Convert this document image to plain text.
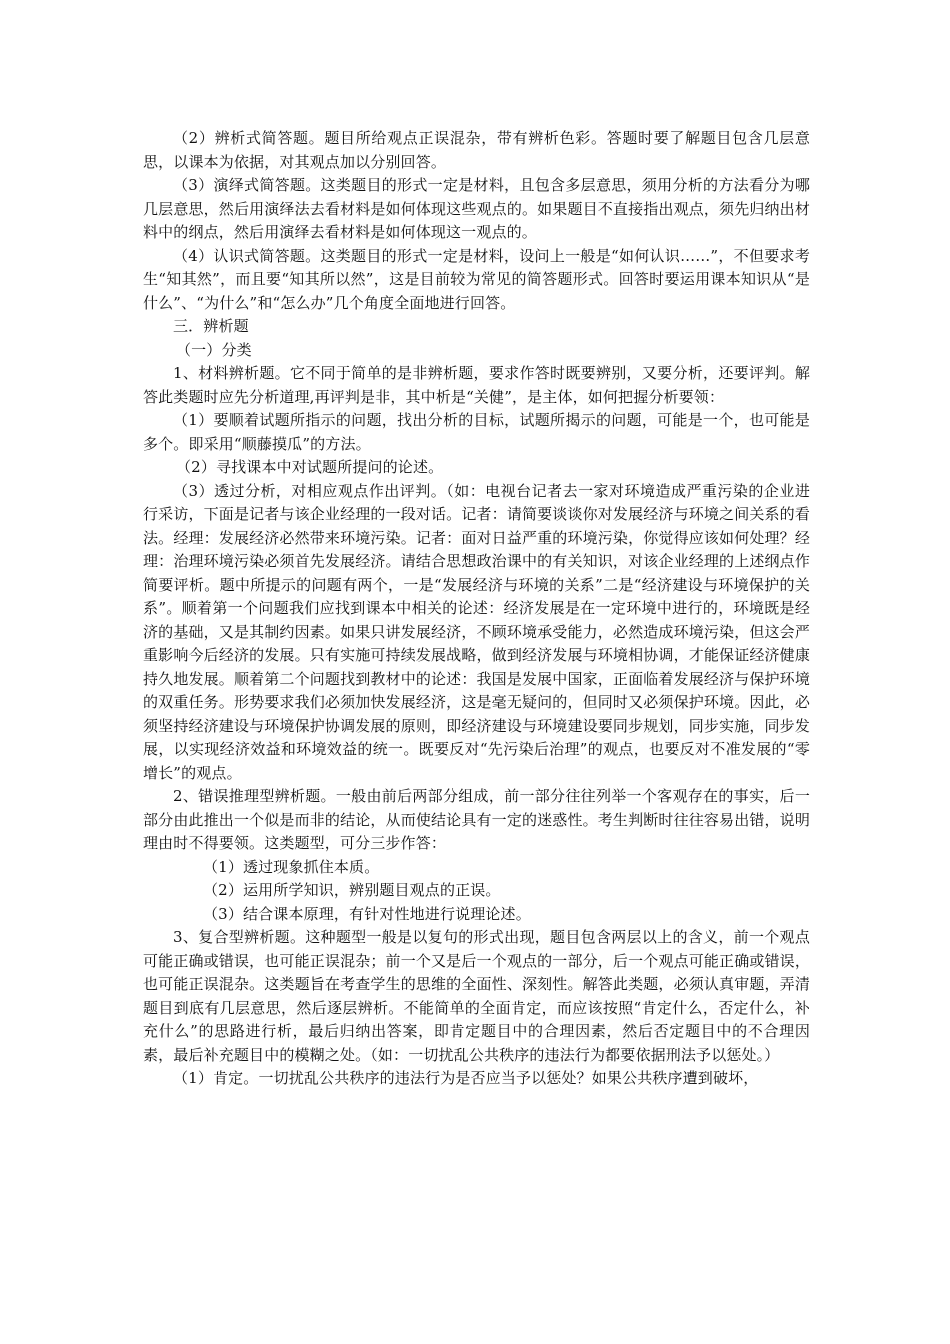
（2）辨析式简答题。题目所给观点正误混杂，带有辨析色彩。答题时要了解题目包含几层意思，以课本为依据，对其观点加以分别回答。

（3）演绎式简答题。这类题目的形式一定是材料，且包含多层意思，须用分析的方法看分为哪几层意思，然后用演绎法去看材料是如何体现这些观点的。如果题目不直接指出观点，须先归纳出材料中的纲点，然后用演绎去看材料是如何体现这一观点的。

（4）认识式简答题。这类题目的形式一定是材料，设问上一般是“如何认识……”，不但要求考生“知其然”，而且要“知其所以然”，这是目前较为常见的简答题形式。回答时要运用课本知识从“是什么”、“为什么”和“怎么办”几个角度全面地进行回答。

三．辨析题

（一）分类

1、材料辨析题。它不同于简单的是非辨析题，要求作答时既要辨别，又要分析，还要评判。解答此类题时应先分析道理,再评判是非，其中析是“关健”，是主体，如何把握分析要领：

（1）要顺着试题所指示的问题，找出分析的目标，试题所揭示的问题，可能是一个，也可能是多个。即采用“顺藤摸瓜”的方法。

（2）寻找课本中对试题所提问的论述。

（3）透过分析，对相应观点作出评判。（如：电视台记者去一家对环境造成严重污染的企业进行采访，下面是记者与该企业经理的一段对话。记者：请简要谈谈你对发展经济与环境之间关系的看法。经理：发展经济必然带来环境污染。记者：面对日益严重的环境污染，你觉得应该如何处理？经理：治理环境污染必须首先发展经济。请结合思想政治课中的有关知识，对该企业经理的上述纲点作简要评析。题中所提示的问题有两个，一是“发展经济与环境的关系”二是“经济建设与环境保护的关系”。顺着第一个问题我们应找到课本中相关的论述：经济发展是在一定环境中进行的，环境既是经济的基础，又是其制约因素。如果只讲发展经济，不顾环境承受能力，必然造成环境污染，但这会严重影响今后经济的发展。只有实施可持续发展战略，做到经济发展与环境相协调，才能保证经济健康持久地发展。顺着第二个问题找到教材中的论述：我国是发展中国家，正面临着发展经济与保护环境的双重任务。形势要求我们必须加快发展经济，这是毫无疑问的，但同时又必须保护环境。因此，必须坚持经济建设与环境保护协调发展的原则，即经济建设与环境建设要同步规划，同步实施，同步发展，以实现经济效益和环境效益的统一。既要反对“先污染后治理”的观点，也要反对不准发展的“零增长”的观点。

2、错误推理型辨析题。一般由前后两部分组成，前一部分往往列举一个客观存在的事实，后一部分由此推出一个似是而非的结论，从而使结论具有一定的迷惑性。考生判断时往往容易出错，说明理由时不得要领。这类题型，可分三步作答：

（1）透过现象抓住本质。

（2）运用所学知识，辨别题目观点的正误。

（3）结合课本原理，有针对性地进行说理论述。

3、复合型辨析题。这种题型一般是以复句的形式出现，题目包含两层以上的含义，前一个观点可能正确或错误，也可能正误混杂；前一个又是后一个观点的一部分，后一个观点可能正确或错误，也可能正误混杂。这类题旨在考查学生的思维的全面性、深刻性。解答此类题，必须认真审题，弄清题目到底有几层意思，然后逐层辨析。不能简单的全面肯定，而应该按照“肯定什么，否定什么，补充什么”的思路进行析，最后归纳出答案，即肯定题目中的合理因素，然后否定题目中的不合理因素，最后补充题目中的模糊之处。（如：一切扰乱公共秩序的违法行为都要依据刑法予以惩处。）

（1）肯定。一切扰乱公共秩序的违法行为是否应当予以惩处？如果公共秩序遭到破坏，
